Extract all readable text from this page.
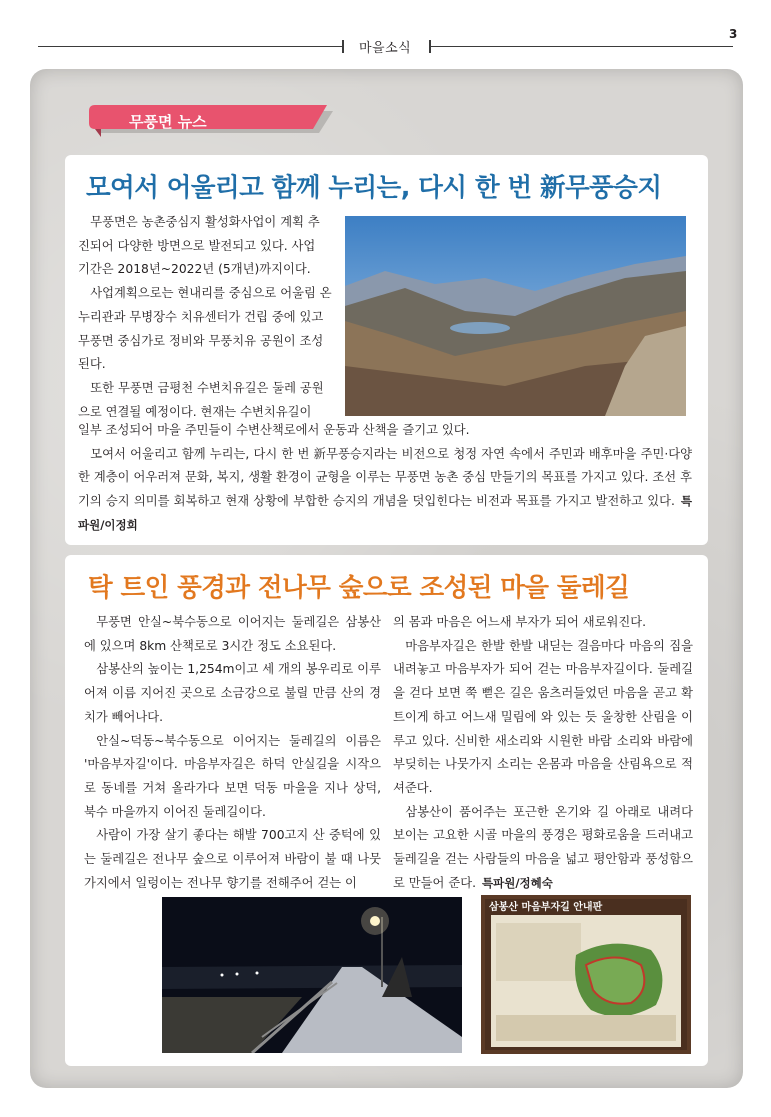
마을소식
3
무풍면 뉴스
모여서 어울리고 함께 누리는, 다시 한 번 新무풍승지

무풍면은 농촌중심지 활성화사업이 계획 추
진되어 다양한 방면으로 발전되고 있다. 사업
기간은 2018년~2022년 (5개년)까지이다.

사업계획으로는 현내리를 중심으로 어울림 온
누리관과 무병장수 치유센터가 건립 중에 있고
무풍면 중심가로 정비와 무풍치유 공원이 조성
된다.

또한 무풍면 금평천 수변치유길은 둘레 공원
으로 연결될 예정이다. 현재는 수변치유길이

일부 조성되어 마을 주민들이 수변산책로에서 운동과 산책을 즐기고 있다.

모여서 어울리고 함께 누리는, 다시 한 번 新무풍승지라는 비전으로 청정 자연 속에서 주민과 배후마을 주민·다양한 계층이 어우러져 문화, 복지, 생활 환경이 균형을 이루는 무풍면 농촌 중심 만들기의 목표를 가지고 있다. 조선 후기의 승지 의미를 회복하고 현재 상황에 부합한 승지의 개념을 덧입힌다는 비전과 목표를 가지고 발전하고 있다. 특파원/이정희

탁 트인 풍경과 전나무 숲으로 조성된 마을 둘레길

무풍면 안실~북수동으로 이어지는 둘레길은 삼봉산에 있으며 8km 산책로로 3시간 정도 소요된다.

삼봉산의 높이는 1,254m이고 세 개의 봉우리로 이루어져 이름 지어진 곳으로 소금강으로 불릴 만큼 산의 경치가 빼어나다.

안실~덕동~북수동으로 이어지는 둘레길의 이름은 '마음부자길'이다. 마음부자길은 하덕 안실길을 시작으로 동네를 거쳐 올라가다 보면 덕동 마을을 지나 상덕, 북수 마을까지 이어진 둘레길이다.

사람이 가장 살기 좋다는 해발 700고지 산 중턱에 있는 둘레길은 전나무 숲으로 이루어져 바람이 불 때 나뭇가지에서 일렁이는 전나무 향기를 전해주어 걷는 이

의 몸과 마음은 어느새 부자가 되어 새로워진다.

마음부자길은 한발 한발 내딛는 걸음마다 마음의 짐을 내려놓고 마음부자가 되어 걷는 마음부자길이다. 둘레길을 걷다 보면 쭉 뻗은 길은 움츠러들었던 마음을 곧고 확 트이게 하고 어느새 밀림에 와 있는 듯 울창한 산림을 이루고 있다. 신비한 새소리와 시원한 바람 소리와 바람에 부딪히는 나뭇가지 소리는 온몸과 마음을 산림욕으로 적셔준다.

삼봉산이 품어주는 포근한 온기와 길 아래로 내려다 보이는 고요한 시골 마을의 풍경은 평화로움을 드러내고 둘레길을 걷는 사람들의 마음을 넓고 평안함과 풍성함으로 만들어 준다. 특파원/정혜숙

삼봉산 마음부자길 안내판
